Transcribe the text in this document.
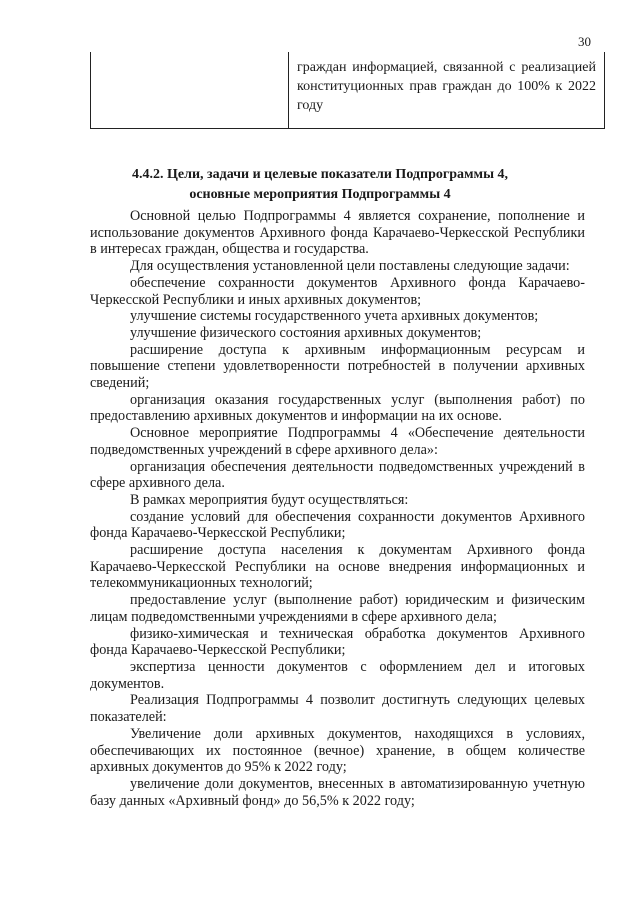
30
граждан информацией, связанной с реализацией конституционных прав граждан до 100% к 2022 году
4.4.2. Цели, задачи и целевые показатели Подпрограммы 4,
основные мероприятия Подпрограммы 4

Основной целью Подпрограммы 4 является сохранение, пополнение и использование документов Архивного фонда Карачаево-Черкесской Республики в интересах граждан, общества и государства.

Для осуществления установленной цели поставлены следующие задачи:

обеспечение сохранности документов Архивного фонда Карачаево-Черкесской Республики и иных архивных документов;

улучшение системы государственного учета архивных документов;

улучшение физического состояния архивных документов;

расширение доступа к архивным информационным ресурсам и повышение степени удовлетворенности потребностей в получении архивных сведений;

организация оказания государственных услуг (выполнения работ) по предоставлению архивных документов и информации на их основе.

Основное мероприятие Подпрограммы 4 «Обеспечение деятельности подведомственных учреждений в сфере архивного дела»:

организация обеспечения деятельности подведомственных учреждений в сфере архивного дела.

В рамках мероприятия будут осуществляться:

создание условий для обеспечения сохранности документов Архивного фонда Карачаево-Черкесской Республики;

расширение доступа населения к документам Архивного фонда Карачаево-Черкесской Республики на основе внедрения информационных и телекоммуникационных технологий;

предоставление услуг (выполнение работ) юридическим и физическим лицам подведомственными учреждениями в сфере архивного дела;

физико-химическая и техническая обработка документов Архивного фонда Карачаево-Черкесской Республики;

экспертиза ценности документов с оформлением дел и итоговых документов.

Реализация Подпрограммы 4 позволит достигнуть следующих целевых показателей:

Увеличение доли архивных документов, находящихся в условиях, обеспечивающих их постоянное (вечное) хранение, в общем количестве архивных документов до 95% к 2022 году;

увеличение доли документов, внесенных в автоматизированную учетную базу данных «Архивный фонд» до 56,5% к 2022 году;
